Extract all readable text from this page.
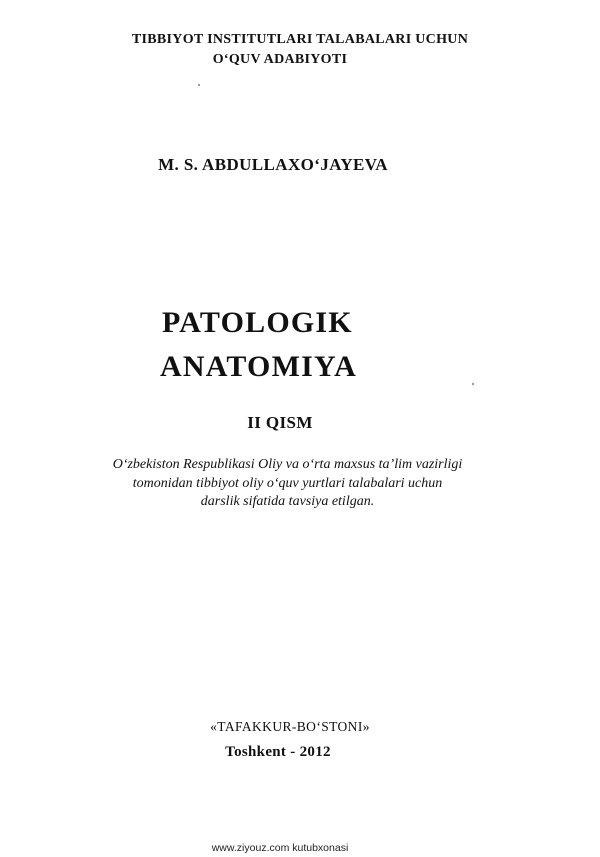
TIBBIYOT INSTITUTLARI TALABALARI UCHUN

O‘QUV ADABIYOTI

M. S. ABDULLAXO‘JAYEVA

PATOLOGIK

ANATOMIYA

II QISM

O‘zbekiston Respublikasi Oliy va o‘rta maxsus ta’lim vazirligi
tomonidan tibbiyot oliy o‘quv yurtlari talabalari uchun
darslik sifatida tavsiya etilgan.

«TAFAKKUR-BO‘STONI»

Toshkent - 2012

www.ziyouz.com kutubxonasi
